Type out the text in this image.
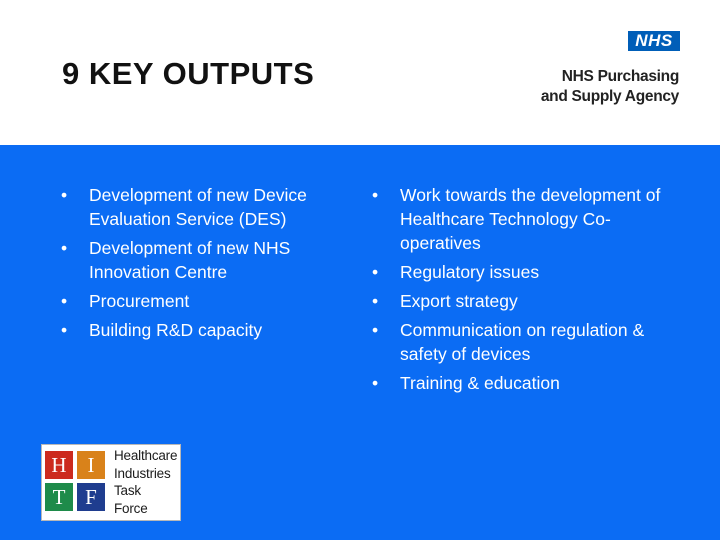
9 KEY OUTPUTS
NHS
NHS Purchasing
and Supply Agency
• Development of new Device Evaluation Service (DES)
• Development of new NHS Innovation Centre
• Procurement
• Building R&D capacity
• Work towards the development of Healthcare Technology Co-operatives
• Regulatory issues
• Export strategy
• Communication on regulation & safety of devices
• Training & education
H I
T F
Healthcare
Industries
Task
Force
